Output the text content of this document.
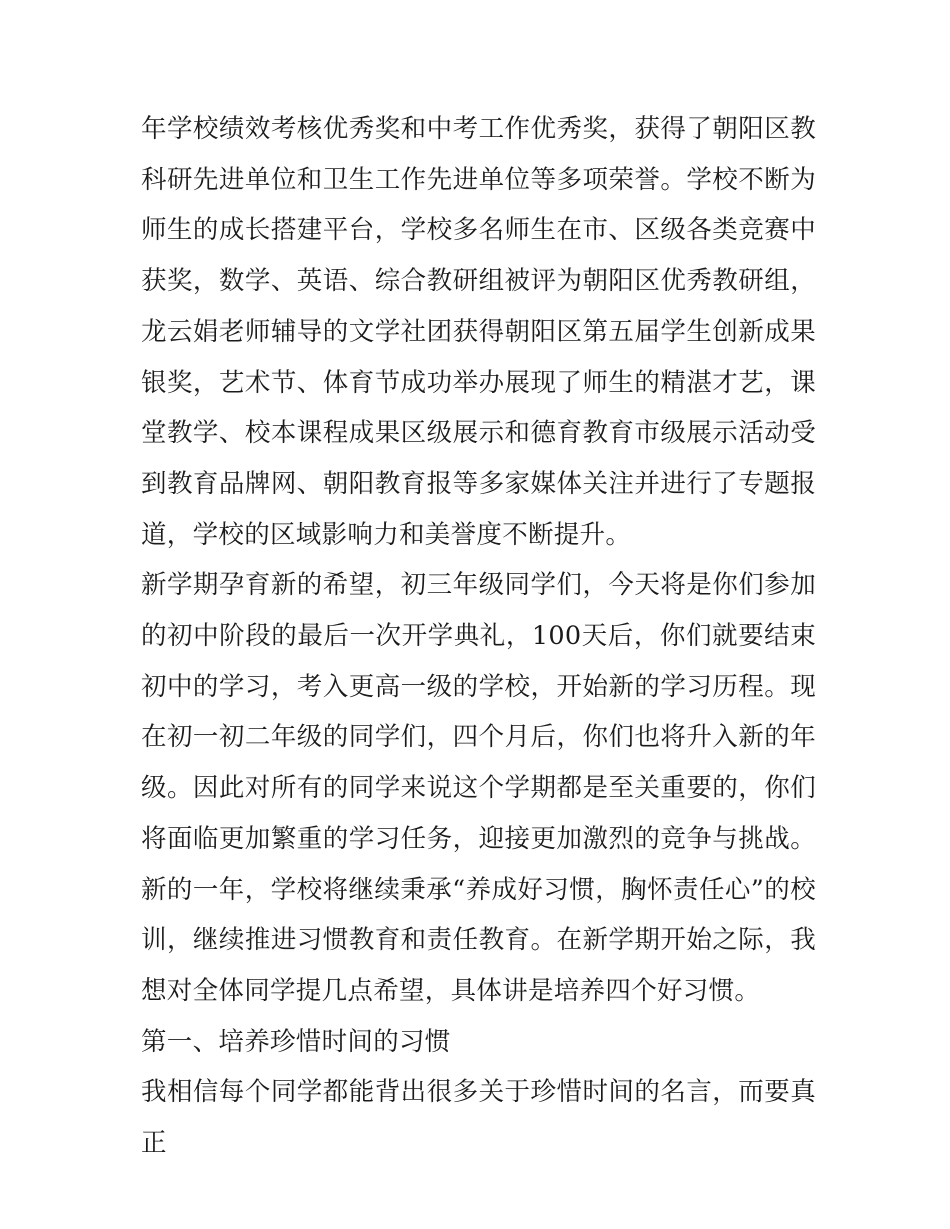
年学校绩效考核优秀奖和中考工作优秀奖，获得了朝阳区教科研先进单位和卫生工作先进单位等多项荣誉。学校不断为师生的成长搭建平台，学校多名师生在市、区级各类竞赛中获奖，数学、英语、综合教研组被评为朝阳区优秀教研组，龙云娟老师辅导的文学社团获得朝阳区第五届学生创新成果银奖，艺术节、体育节成功举办展现了师生的精湛才艺，课堂教学、校本课程成果区级展示和德育教育市级展示活动受到教育品牌网、朝阳教育报等多家媒体关注并进行了专题报道，学校的区域影响力和美誉度不断提升。

新学期孕育新的希望，初三年级同学们，今天将是你们参加的初中阶段的最后一次开学典礼，100天后，你们就要结束初中的学习，考入更高一级的学校，开始新的学习历程。现在初一初二年级的同学们，四个月后，你们也将升入新的年级。因此对所有的同学来说这个学期都是至关重要的，你们将面临更加繁重的学习任务，迎接更加激烈的竞争与挑战。新的一年，学校将继续秉承“养成好习惯，胸怀责任心”的校训，继续推进习惯教育和责任教育。在新学期开始之际，我想对全体同学提几点希望，具体讲是培养四个好习惯。

第一、培养珍惜时间的习惯

我相信每个同学都能背出很多关于珍惜时间的名言，而要真正
